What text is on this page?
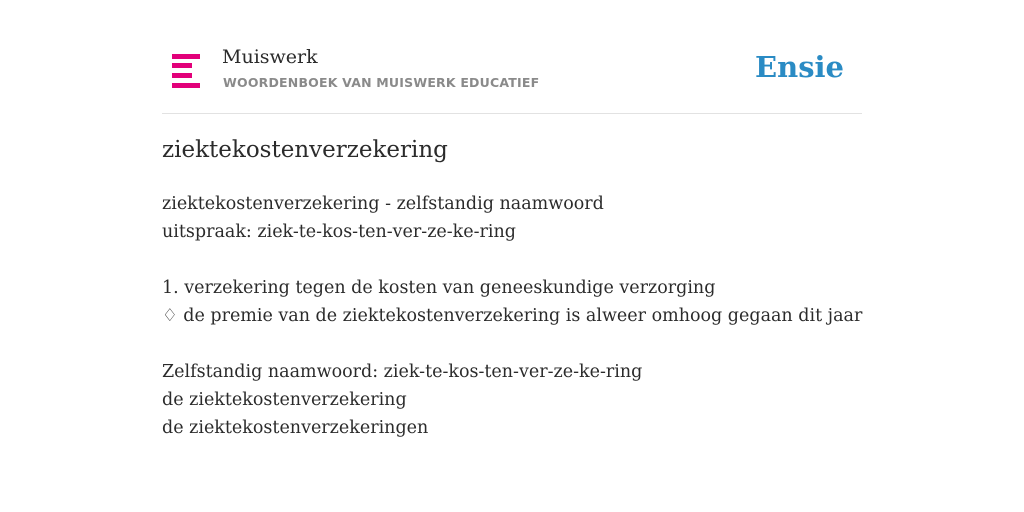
Muiswerk
WOORDENBOEK VAN MUISWERK EDUCATIEF	Ensie
ziektekostenverzekering
ziektekostenverzekering - zelfstandig naamwoord
uitspraak: ziek-te-kos-ten-ver-ze-ke-ring
1. verzekering tegen de kosten van geneeskundige verzorging
♢ de premie van de ziektekostenverzekering is alweer omhoog gegaan dit jaar
Zelfstandig naamwoord: ziek-te-kos-ten-ver-ze-ke-ring
de ziektekostenverzekering
de ziektekostenverzekeringen
